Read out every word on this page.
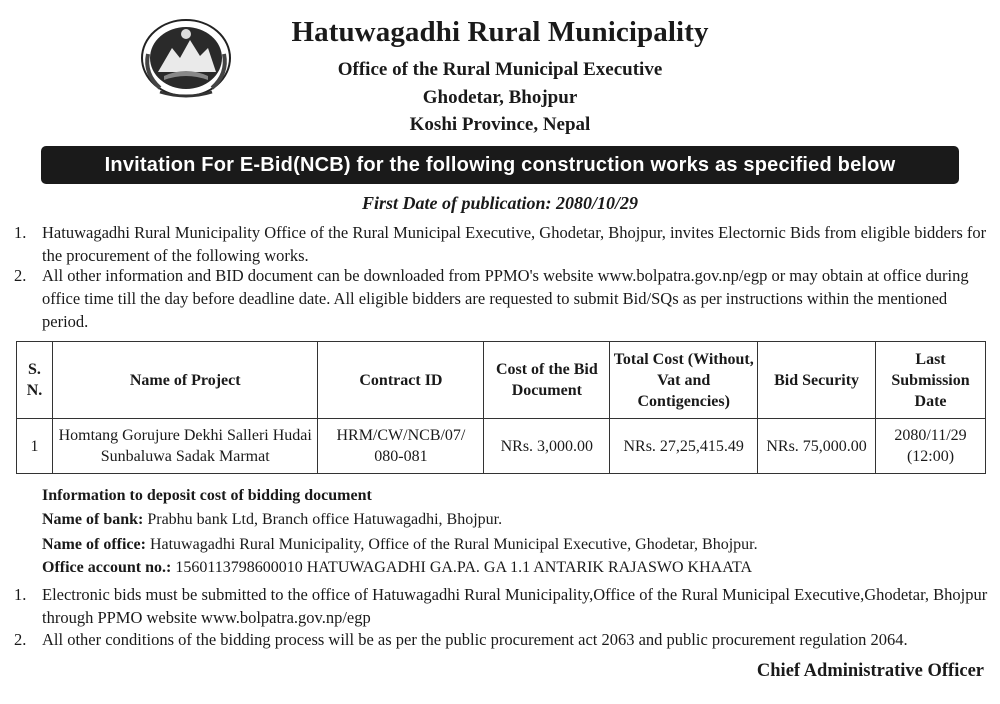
Hatuwagadhi Rural Municipality
Office of the Rural Municipal Executive
Ghodetar, Bhojpur
Koshi Province, Nepal
Invitation For E-Bid(NCB) for the following construction works as specified below
First Date of publication: 2080/10/29
1. Hatuwagadhi Rural Municipality Office of the Rural Municipal Executive, Ghodetar, Bhojpur, invites Electornic Bids from eligible bidders for the procurement of the following works.
2. All other information and BID document can be downloaded from PPMO's website www.bolpatra.gov.np/egp or may obtain at office during office time till the day before deadline date. All eligible bidders are requested to submit Bid/SQs as per instructions within the mentioned period.
S. N.	Name of Project	Contract ID	Cost of the Bid Document	Total Cost (Without, Vat and Contigencies)	Bid Security	Last Submission Date
1	Homtang Gorujure Dekhi Salleri Hudai Sunbaluwa Sadak Marmat	HRM/CW/NCB/07/ 080-081	NRs. 3,000.00	NRs. 27,25,415.49	NRs. 75,000.00	2080/11/29 (12:00)
Information to deposit cost of bidding document
Name of bank: Prabhu bank Ltd, Branch office Hatuwagadhi, Bhojpur.
Name of office: Hatuwagadhi Rural Municipality, Office of the Rural Municipal Executive, Ghodetar, Bhojpur.
Office account no.: 1560113798600010 HATUWAGADHI GA.PA. GA 1.1 ANTARIK RAJASWO KHAATA
1. Electronic bids must be submitted to the office of Hatuwagadhi Rural Municipality,Office of the Rural Municipal Executive,Ghodetar, Bhojpur through PPMO website www.bolpatra.gov.np/egp
2. All other conditions of the bidding process will be as per the public procurement act 2063 and public procurement regulation 2064.
Chief Administrative Officer
